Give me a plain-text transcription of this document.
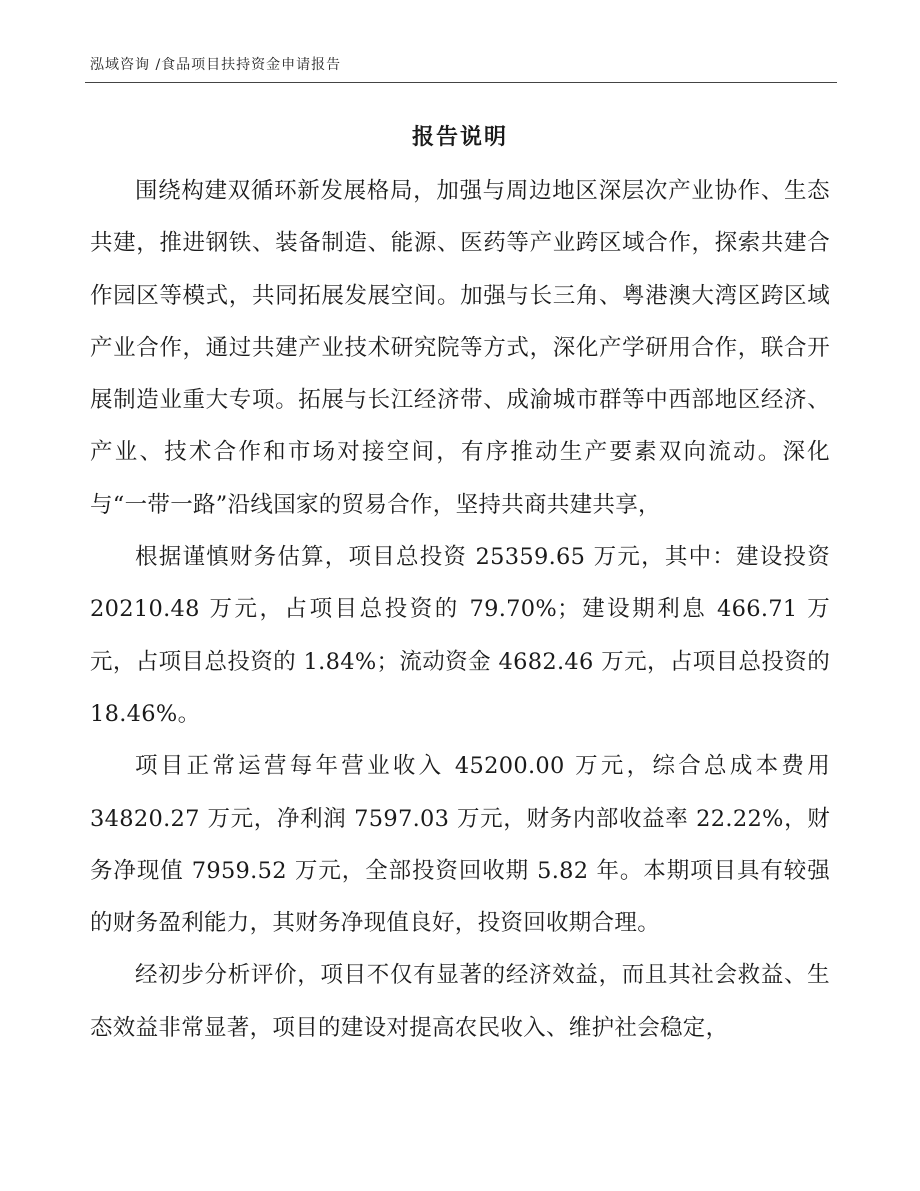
泓域咨询 /食品项目扶持资金申请报告
报告说明

围绕构建双循环新发展格局，加强与周边地区深层次产业协作、生态共建，推进钢铁、装备制造、能源、医药等产业跨区域合作，探索共建合作园区等模式，共同拓展发展空间。加强与长三角、粤港澳大湾区跨区域产业合作，通过共建产业技术研究院等方式，深化产学研用合作，联合开展制造业重大专项。拓展与长江经济带、成渝城市群等中西部地区经济、产业、技术合作和市场对接空间，有序推动生产要素双向流动。深化与“一带一路”沿线国家的贸易合作，坚持共商共建共享，

根据谨慎财务估算，项目总投资 25359.65 万元，其中：建设投资20210.48 万元，占项目总投资的 79.70%；建设期利息 466.71 万元，占项目总投资的 1.84%；流动资金 4682.46 万元，占项目总投资的18.46%。

项目正常运营每年营业收入 45200.00 万元，综合总成本费用34820.27 万元，净利润 7597.03 万元，财务内部收益率 22.22%，财务净现值 7959.52 万元，全部投资回收期 5.82 年。本期项目具有较强的财务盈利能力，其财务净现值良好，投资回收期合理。

经初步分析评价，项目不仅有显著的经济效益，而且其社会救益、生态效益非常显著，项目的建设对提高农民收入、维护社会稳定，
